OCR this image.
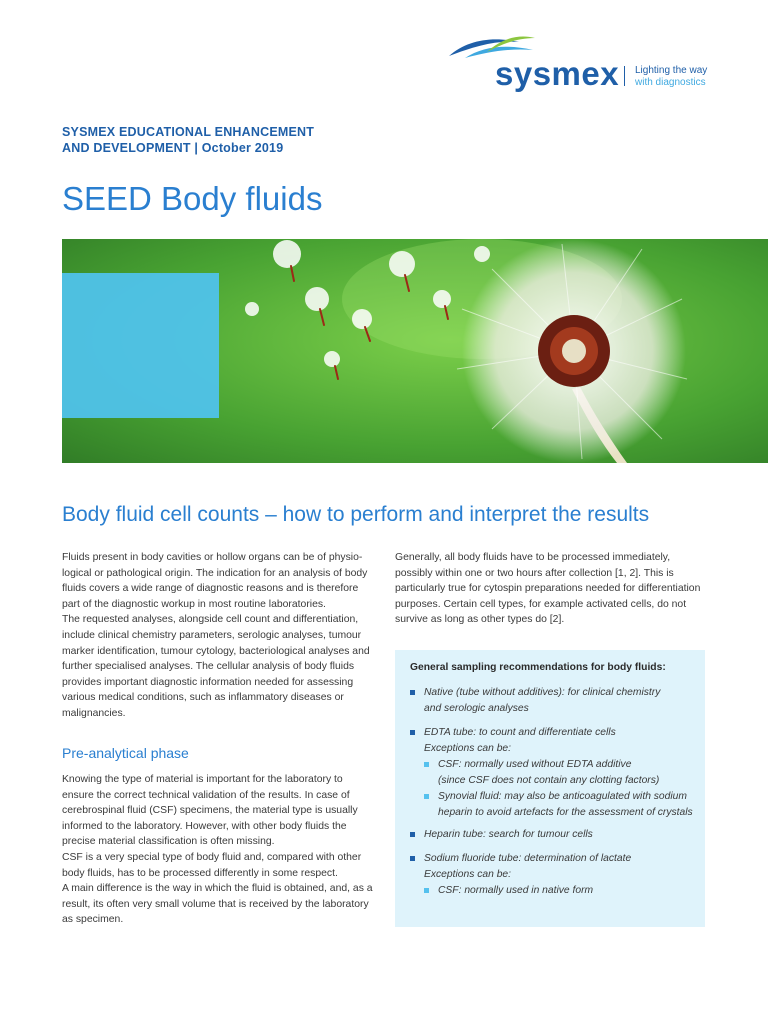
sysmex Lighting the way
with diagnostics
SYSMEX EDUCATIONAL ENHANCEMENT
AND DEVELOPMENT | October 2019
SEED Body fluids
Body fluid cell counts – how to perform and interpret the results

Fluids present in body cavities or hollow organs can be of physio-logical or pathological origin. The indication for an analysis of body fluids covers a wide range of diagnostic reasons and is therefore part of the diagnostic workup in most routine laboratories.

The requested analyses, alongside cell count and differentiation, include clinical chemistry parameters, serologic analyses, tumour marker identification, tumour cytology, bacteriological analyses and further specialised analyses. The cellular analysis of body fluids provides important diagnostic information needed for assessing various medical conditions, such as inflammatory diseases or malignancies.

Pre-analytical phase

Knowing the type of material is important for the laboratory to ensure the correct technical validation of the results. In case of cerebrospinal fluid (CSF) specimens, the material type is usually informed to the laboratory. However, with other body fluids the precise material classification is often missing.

CSF is a very special type of body fluid and, compared with other body fluids, has to be processed differently in some respect.

A main difference is the way in which the fluid is obtained, and, as a result, its often very small volume that is received by the laboratory as specimen.

Generally, all body fluids have to be processed immediately, possibly within one or two hours after collection [1, 2]. This is particularly true for cytospin preparations needed for differentiation purposes. Certain cell types, for example activated cells, do not survive as long as other types do [2].

General sampling recommendations for body fluids:
Native (tube without additives): for clinical chemistry
and serologic analyses
EDTA tube: to count and differentiate cells
Exceptions can be:
CSF: normally used without EDTA additive
(since CSF does not contain any clotting factors)
Synovial fluid: may also be anticoagulated with sodium
heparin to avoid artefacts for the assessment of crystals
Heparin tube: search for tumour cells
Sodium fluoride tube: determination of lactate
Exceptions can be:
CSF: normally used in native form
